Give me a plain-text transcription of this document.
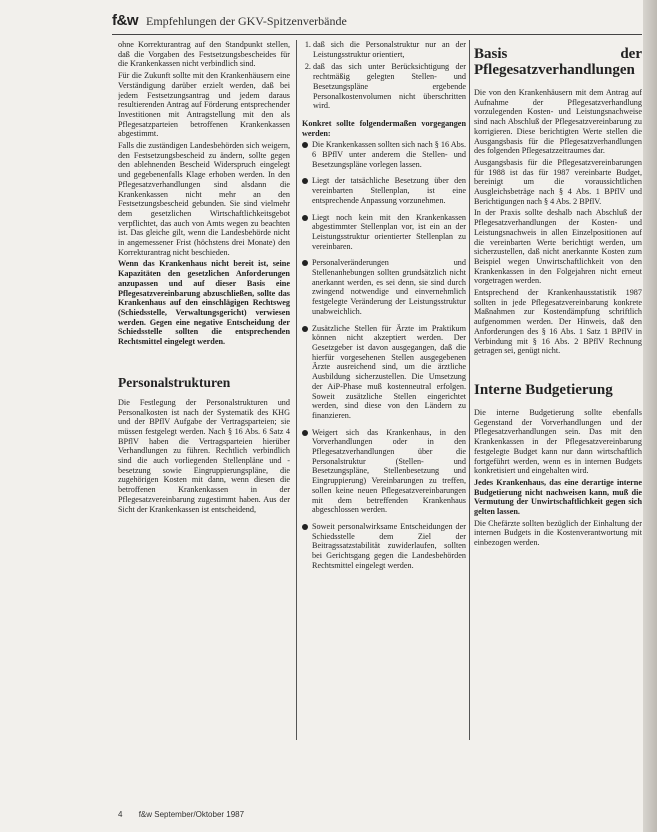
f&w Empfehlungen der GKV-Spitzenverbände

ohne Korrekturantrag auf den Standpunkt stellen, daß die Vorgaben des Festsetzungsbescheides für die Krankenkassen nicht verbindlich sind.

Für die Zukunft sollte mit den Krankenhäusern eine Verständigung darüber erzielt werden, daß bei jedem Festsetzungsantrag und jedem daraus resultierenden Antrag auf Förderung entsprechender Investitionen mit Antragstellung mit den als Pflegesatzparteien betroffenen Krankenkassen abgestimmt.

Falls die zuständigen Landesbehörden sich weigern, den Festsetzungsbescheid zu ändern, sollte gegen den ablehnenden Bescheid Widerspruch eingelegt und gegebenenfalls Klage erhoben werden. In den Pflegesatzverhandlungen sind alsdann die Krankenkassen nicht mehr an den Festsetzungsbescheid gebunden. Sie sind vielmehr dem gesetzlichen Wirtschaftlichkeitsgebot verpflichtet, das auch von Amts wegen zu beachten ist. Das gleiche gilt, wenn die Landesbehörde nicht in angemessener Frist (höchstens drei Monate) den Korrekturantrag nicht beschieden.

Wenn das Krankenhaus nicht bereit ist, seine Kapazitäten den gesetzlichen Anforderungen anzupassen und auf dieser Basis eine Pflegesatzvereinbarung abzuschließen, sollte das Krankenhaus auf den einschlägigen Rechtsweg (Schiedsstelle, Verwaltungsgericht) verwiesen werden. Gegen eine negative Entscheidung der Schiedsstelle sollten die entsprechenden Rechtsmittel eingelegt werden.

Personalstrukturen

Die Festlegung der Personalstrukturen und Personalkosten ist nach der Systematik des KHG und der BPflV Aufgabe der Vertragsparteien; sie müssen festgelegt werden. Nach § 16 Abs. 6 Satz 4 BPflV haben die Vertragsparteien hierüber Verhandlungen zu führen. Rechtlich verbindlich sind die auch vorliegenden Stellenpläne und -besetzung sowie Eingruppierungspläne, die zugehörigen Kosten mit dann, wenn diesen die betroffenen Krankenkassen in der Pflegesatzvereinbarung zugestimmt haben. Aus der Sicht der Krankenkassen ist entscheidend,

1. daß sich die Personalstruktur nur an der Leistungsstruktur orientiert,
2. daß das sich unter Berücksichtigung der rechtmäßig gelegten Stellen- und Besetzungspläne ergebende Personalkostenvolumen nicht überschritten wird.

Konkret sollte folgendermaßen vorgegangen werden:

Die Krankenkassen sollten sich nach § 16 Abs. 6 BPflV unter anderem die Stellen- und Besetzungspläne vorlegen lassen.
Liegt der tatsächliche Besetzung über den vereinbarten Stellenplan, ist eine entsprechende Anpassung vorzunehmen.
Liegt noch kein mit den Krankenkassen abgestimmter Stellenplan vor, ist ein an der Leistungsstruktur orientierter Stellenplan zu vereinbaren.
Personalveränderungen und Stellenanhebungen sollten grundsätzlich nicht anerkannt werden, es sei denn, sie sind durch zwingend notwendige und einvernehmlich festgelegte Veränderung der Leistungsstruktur unabweichlich.
Zusätzliche Stellen für Ärzte im Praktikum können nicht akzeptiert werden. Der Gesetzgeber ist davon ausgegangen, daß die hierfür vorgesehenen Stellen ausgegebenen Ärzte ausreichend sind, um die ärztliche Ausbildung sicherzustellen. Die Umsetzung der AiP-Phase muß kostenneutral erfolgen. Soweit zusätzliche Stellen eingerichtet werden, sind diese von den Ländern zu finanzieren.
Weigert sich das Krankenhaus, in den Vorverhandlungen oder in den Pflegesatzverhandlungen über die Personalstruktur (Stellen- und Besetzungspläne, Stellenbesetzung und Eingruppierung) Vereinbarungen zu treffen, sollen keine neuen Pflegesatzvereinbarungen mit dem betreffenden Krankenhaus abgeschlossen werden.
Soweit personalwirksame Entscheidungen der Schiedsstelle dem Ziel der Beitragssatzstabilität zuwiderlaufen, sollten bei Gerichtsgang gegen die Landesbehörden Rechtsmittel eingelegt werden.
Basis der Pflegesatzverhandlungen

Die von den Krankenhäusern mit dem Antrag auf Aufnahme der Pflegesatzverhandlung vorzulegenden Kosten- und Leistungsnachweise sind nach Abschluß der Pflegesatzvereinbarung zu korrigieren. Diese berichtigten Werte stellen die Ausgangsbasis für die Pflegesatzverhandlungen des folgenden Pflegesatzzeitraumes dar.

Ausgangsbasis für die Pflegesatzvereinbarungen für 1988 ist das für 1987 vereinbarte Budget, bereinigt um die voraussichtlichen Ausgleichsbeträge nach § 4 Abs. 1 BPflV und Berichtigungen nach § 4 Abs. 2 BPflV.

In der Praxis sollte deshalb nach Abschluß der Pflegesatzverhandlungen der Kosten- und Leistungsnachweis in allen Einzelpositionen auf die vereinbarten Werte berichtigt werden, um sicherzustellen, daß nicht anerkannte Kosten zum Beispiel wegen Unwirtschaftlichkeit von den Krankenkassen in den Folgejahren nicht erneut vorgetragen werden.

Entsprechend der Krankenhausstatistik 1987 sollten in jede Pflegesatzvereinbarung konkrete Maßnahmen zur Kostendämpfung schriftlich aufgenommen werden. Der Hinweis, daß den Anforderungen des § 16 Abs. 1 Satz 1 BPflV in Verbindung mit § 16 Abs. 2 BPflV Rechnung getragen sei, genügt nicht.

Interne Budgetierung

Die interne Budgetierung sollte ebenfalls Gegenstand der Vorverhandlungen und der Pflegesatzverhandlungen sein. Das mit den Krankenkassen in der Pflegesatzvereinbarung festgelegte Budget kann nur dann wirtschaftlich fortgeführt werden, wenn es in internen Budgets konkretisiert und eingehalten wird.

Jedes Krankenhaus, das eine derartige interne Budgetierung nicht nachweisen kann, muß die Vermutung der Unwirtschaftlichkeit gegen sich gelten lassen.

Die Chefärzte sollten bezüglich der Einhaltung der internen Budgets in die Kostenverantwortung mit einbezogen werden.

4 f&w September/Oktober 1987
